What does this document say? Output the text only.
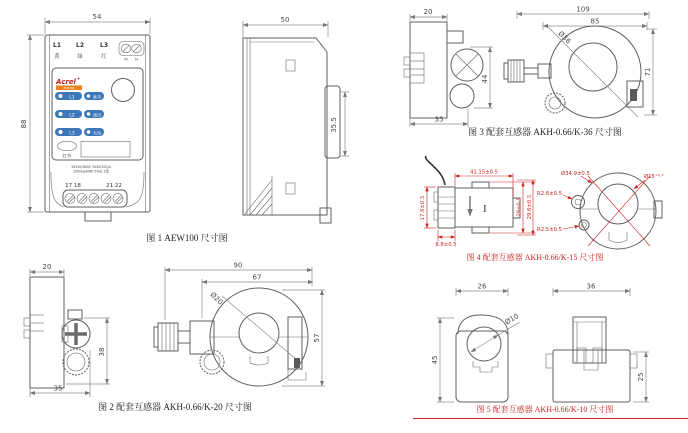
54
88
L1	L2	L3
黄	绿	红	M N
Acrel
AEW100
L1	脉冲
L2	通讯
L3	无线
红外
3X220/380V 3X40(200)A
200imp/kWh 50Hz 2级
17 18	21 22
50
35.5
图 1 AEW100 尺寸图
20
44
35
109
85
Ø36
71
图 3 配套互感器 AKH-0.66/K-36 尺寸图
I
41.15±0.5
17.6±0.5	29±0.5 29.6±0.5
8.8±0.5
Ø34.9±0.5	Ø15⁺⁰·²
R2.6±0.5
R2.5±0.5
图 4 配套互感器 AKH-0.66/K-15 尺寸图
20
38
35
90
67
Ø20
57
图 2 配套互感器 AKH-0.66/K-20 尺寸图
26
45
Ø10
36
25
图 5 配套互感器 AKH-0.66/K-10 尺寸图
